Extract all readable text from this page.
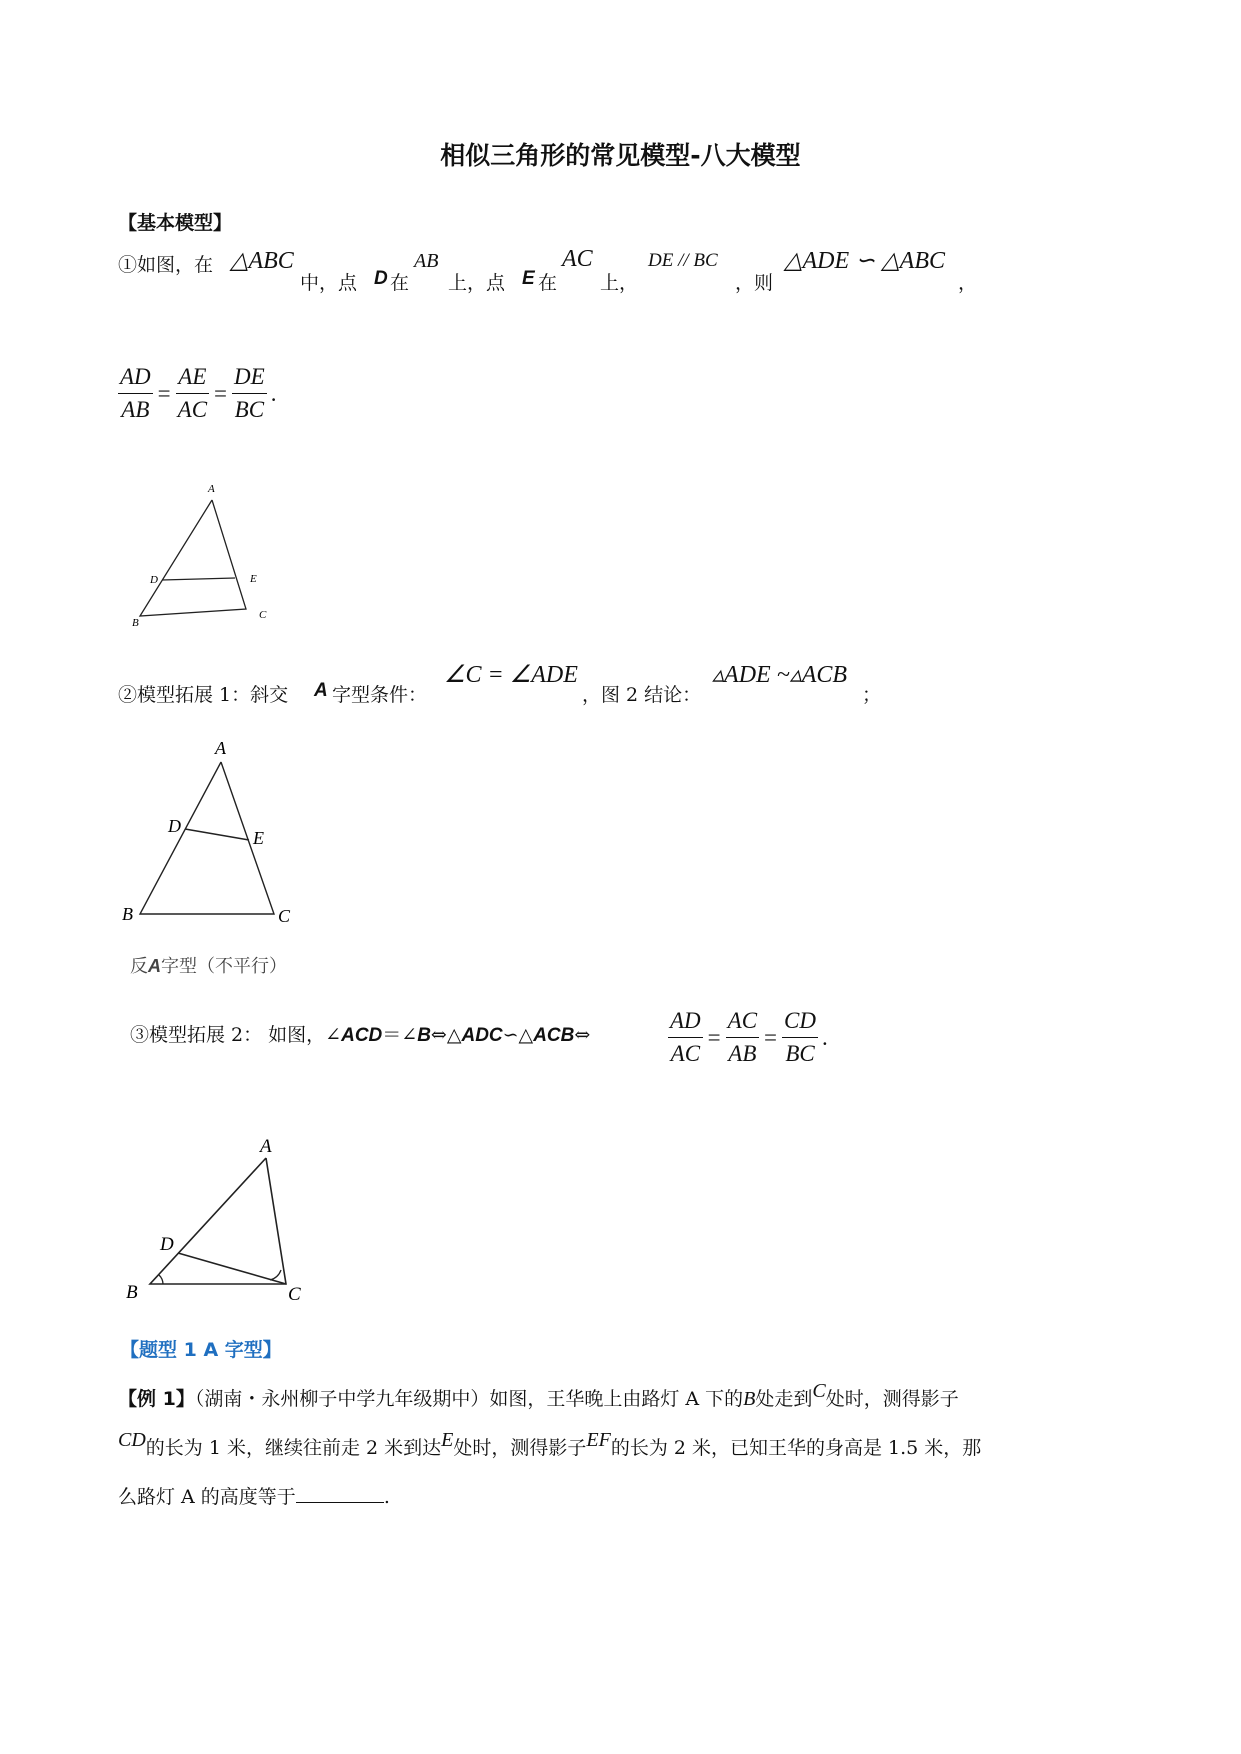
相似三角形的常见模型-八大模型
【基本模型】
①如图，在 △ABC
中，点 D 在
AB
上，点 E 在
AC
上，
DE // BC
，则
△ADE ∽ △ABC
，
$\frac{AD}{AB} = \frac{AE}{AC} = \frac{DE}{BC}$ .
A
B
C
D	E
②模型拓展 1：斜交 A 字型条件：
∠C = ∠ADE
，图 2 结论：
▵ADE ~▵ACB
；
A
B	C
D
E
反A字型（不平行）
③模型拓展 2： 如图，∠ACD＝∠B⇔△ADC∽△ACB⇔	$\frac{AD}{AC} = \frac{AC}{AB} = \frac{CD}{BC}$ .
A
B	C
D
【题型 1 A 字型】
【例 1】（湖南・永州柳子中学九年级期中）如图，王华晚上由路灯 A 下的B处走到C处时，测得影子
CD的长为 1 米，继续往前走 2 米到达E处时，测得影子EF的长为 2 米，已知王华的身高是 1.5 米，那
么路灯 A 的高度等于	.
